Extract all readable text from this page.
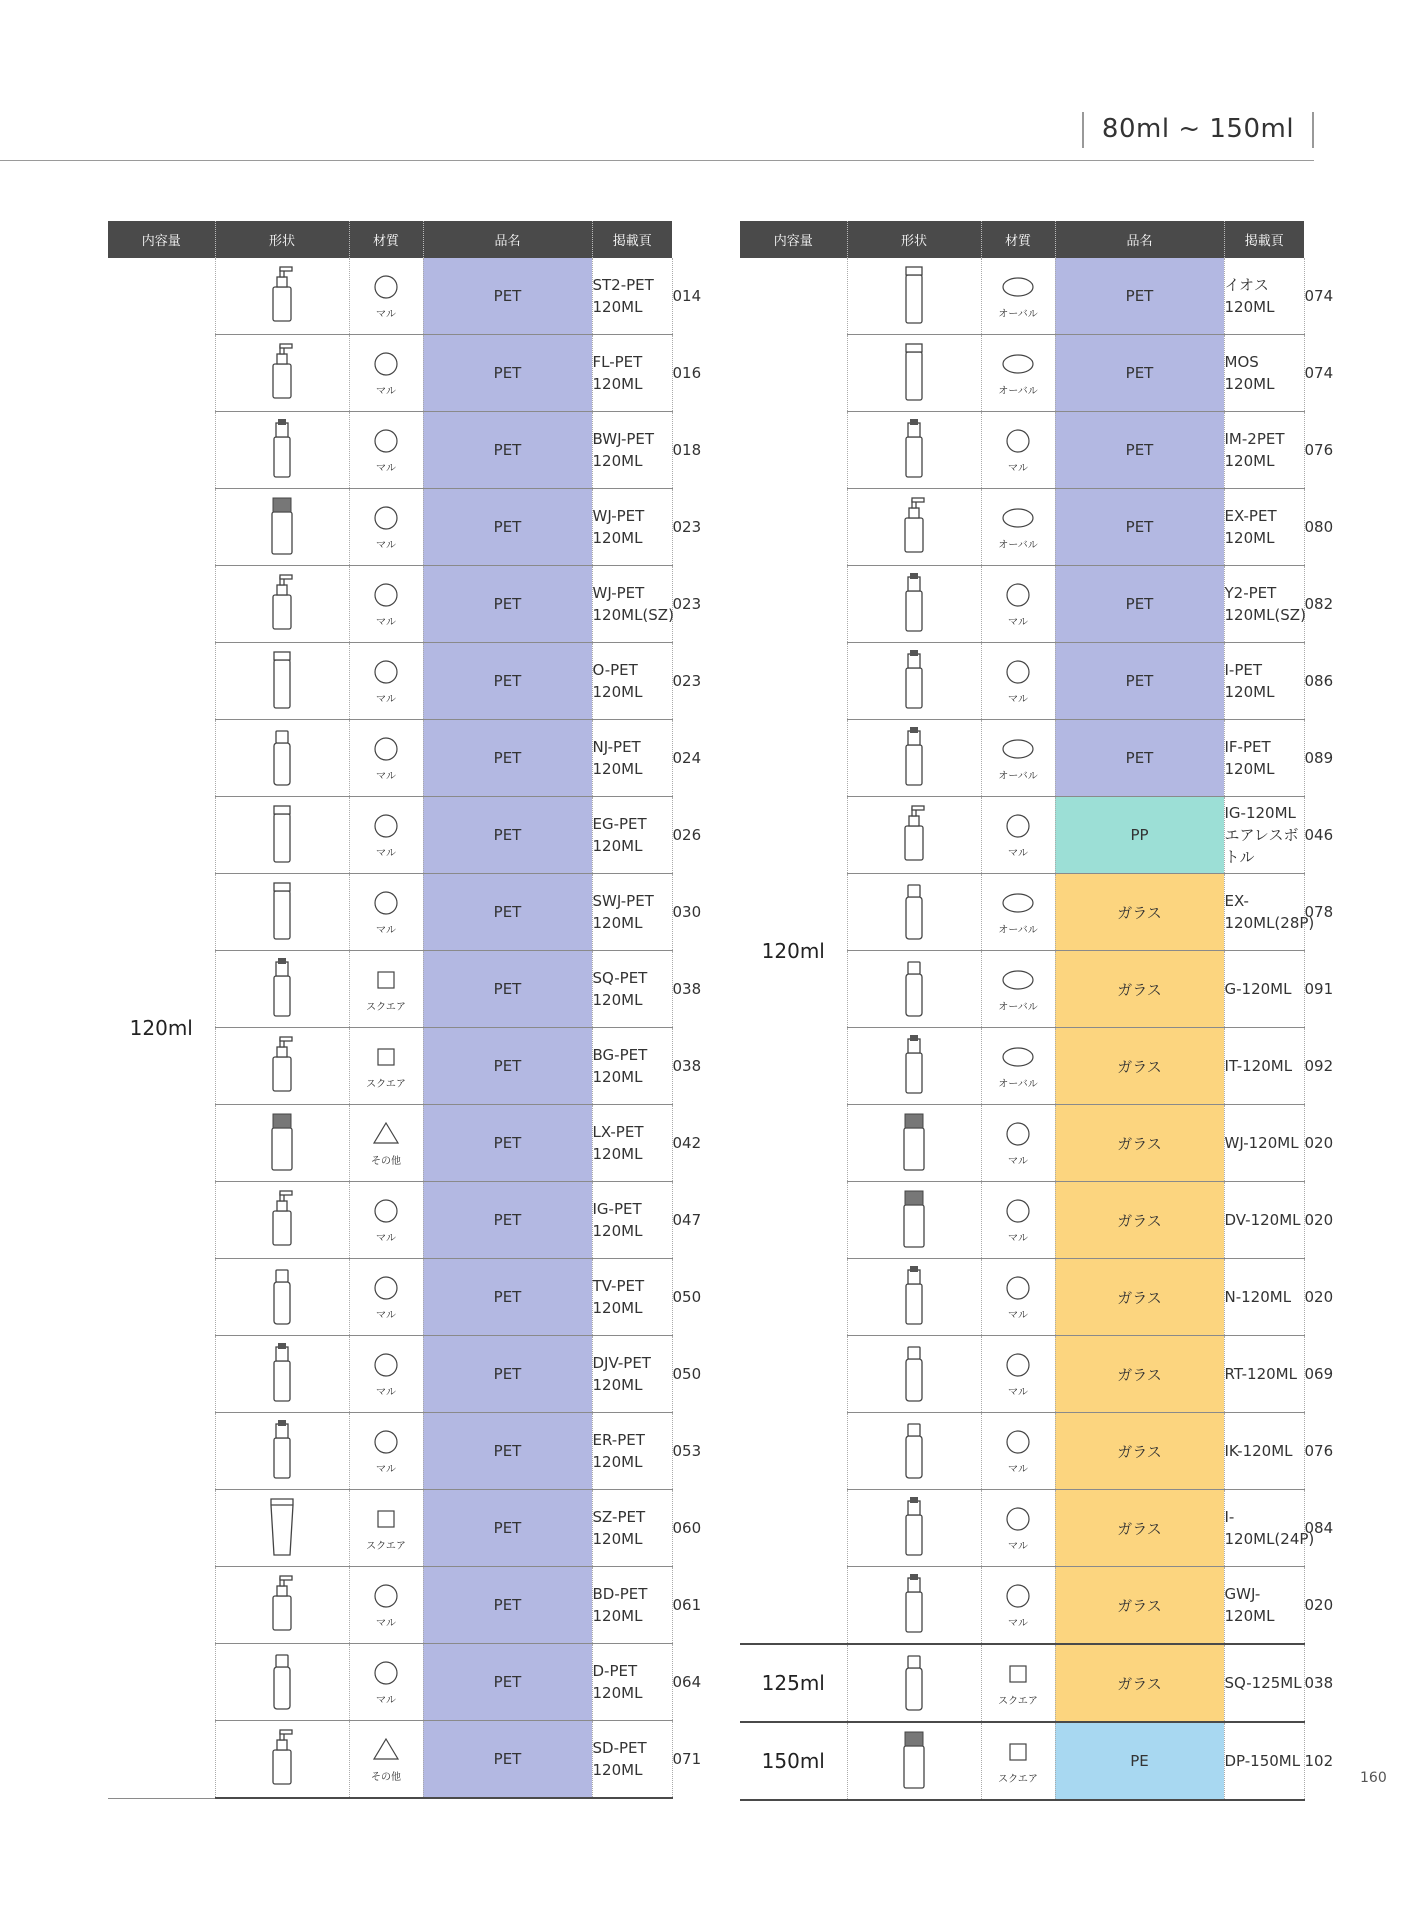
80ml ~ 150ml
内容量	形状	材質	品名	掲載頁	
120ml		マル	PET	ST2-PET 120ML	014

マル	PET	FL-PET 120ML	016

マル	PET	BWJ-PET 120ML	018

マル	PET	WJ-PET 120ML	023

マル	PET	WJ-PET 120ML(SZ)	023

マル	PET	O-PET 120ML	023

マル	PET	NJ-PET 120ML	024

マル	PET	EG-PET 120ML	026

マル	PET	SWJ-PET 120ML	030

スクエア	PET	SQ-PET 120ML	038

スクエア	PET	BG-PET 120ML	038

その他	PET	LX-PET 120ML	042

マル	PET	IG-PET 120ML	047

マル	PET	TV-PET 120ML	050

マル	PET	DJV-PET 120ML	050

マル	PET	ER-PET 120ML	053

スクエア	PET	SZ-PET 120ML	060

マル	PET	BD-PET 120ML	061

マル	PET	D-PET 120ML	064

その他	PET	SD-PET 120ML	071
内容量	形状	材質	品名	掲載頁	
120ml		オーバル	PET	イオス 120ML	074

オーバル	PET	MOS 120ML	074

マル	PET	IM-2PET 120ML	076

オーバル	PET	EX-PET 120ML	080

マル	PET	Y2-PET 120ML(SZ)	082

マル	PET	I-PET 120ML	086

オーバル	PET	IF-PET 120ML	089

マル	PP	IG-120ML
エアレスボトル	046

オーバル	ガラス	EX-120ML(28P)	078

オーバル	ガラス	G-120ML	091

オーバル	ガラス	IT-120ML	092

マル	ガラス	WJ-120ML	020

マル	ガラス	DV-120ML	020

マル	ガラス	N-120ML	020

マル	ガラス	RT-120ML	069

マル	ガラス	IK-120ML	076

マル	ガラス	I-120ML(24P)	084

マル	ガラス	GWJ-120ML	020
125ml		スクエア	ガラス	SQ-125ML	038
150ml		スクエア	PE	DP-150ML	102
160
